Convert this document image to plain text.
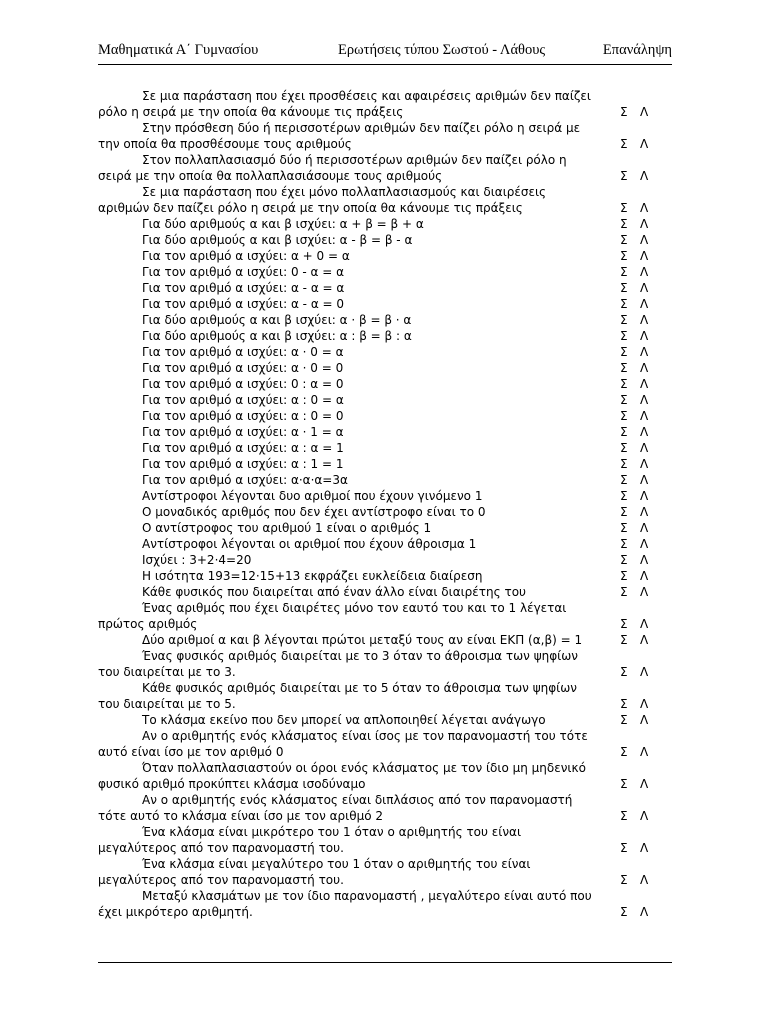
Μαθηματικά Α΄ Γυμνασίου	Ερωτήσεις τύπου Σωστού - Λάθους	Επανάληψη
Σε μια παράσταση που έχει προσθέσεις και αφαιρέσεις αριθμών δεν παίζει
ρόλο η σειρά με την οποία θα κάνουμε τις πράξεις	Σ Λ
Στην πρόσθεση δύο ή περισσοτέρων αριθμών δεν παίζει ρόλο η σειρά με
την οποία θα προσθέσουμε τους αριθμούς	Σ Λ
Στον πολλαπλασιασμό δύο ή περισσοτέρων αριθμών δεν παίζει ρόλο η
σειρά με την οποία θα πολλαπλασιάσουμε τους αριθμούς	Σ Λ
Σε μια παράσταση που έχει μόνο πολλαπλασιασμούς και διαιρέσεις
αριθμών δεν παίζει ρόλο η σειρά με την οποία θα κάνουμε τις πράξεις	Σ Λ
Για δύο αριθμούς α και β ισχύει: α + β = β + α	Σ Λ
Για δύο αριθμούς α και β ισχύει: α - β = β - α	Σ Λ
Για τον αριθμό α ισχύει: α + 0 = α	Σ Λ
Για τον αριθμό α ισχύει: 0 - α = α	Σ Λ
Για τον αριθμό α ισχύει: α - α = α	Σ Λ
Για τον αριθμό α ισχύει: α - α = 0	Σ Λ
Για δύο αριθμούς α και β ισχύει: α · β = β · α	Σ Λ
Για δύο αριθμούς α και β ισχύει: α : β = β : α	Σ Λ
Για τον αριθμό α ισχύει: α · 0 = α	Σ Λ
Για τον αριθμό α ισχύει: α · 0 = 0	Σ Λ
Για τον αριθμό α ισχύει: 0 : α = 0	Σ Λ
Για τον αριθμό α ισχύει: α : 0 = α	Σ Λ
Για τον αριθμό α ισχύει: α : 0 = 0	Σ Λ
Για τον αριθμό α ισχύει: α · 1 = α	Σ Λ
Για τον αριθμό α ισχύει: α : α = 1	Σ Λ
Για τον αριθμό α ισχύει: α : 1 = 1	Σ Λ
Για τον αριθμό α ισχύει: α·α·α=3α	Σ Λ
Αντίστροφοι λέγονται δυο αριθμοί που έχουν γινόμενο 1	Σ Λ
Ο μοναδικός αριθμός που δεν έχει αντίστροφο είναι το 0	Σ Λ
Ο αντίστροφος του αριθμού 1 είναι ο αριθμός 1	Σ Λ
Αντίστροφοι λέγονται οι αριθμοί που έχουν άθροισμα 1	Σ Λ
Ισχύει : 3+2·4=20	Σ Λ
Η ισότητα 193=12·15+13 εκφράζει ευκλείδεια διαίρεση	Σ Λ
Κάθε φυσικός που διαιρείται από έναν άλλο είναι διαιρέτης του	Σ Λ
Ένας αριθμός που έχει διαιρέτες μόνο τον εαυτό του και το 1 λέγεται
πρώτος αριθμός	Σ Λ
Δύο αριθμοί α και β λέγονται πρώτοι μεταξύ τους αν είναι ΕΚΠ (α,β) = 1	Σ Λ
Ένας φυσικός αριθμός διαιρείται με το 3 όταν το άθροισμα των ψηφίων
του διαιρείται με το 3.	Σ Λ
Κάθε φυσικός αριθμός διαιρείται με το 5 όταν το άθροισμα των ψηφίων
του διαιρείται με το 5.	Σ Λ
Το κλάσμα εκείνο που δεν μπορεί να απλοποιηθεί λέγεται ανάγωγο	Σ Λ
Αν ο αριθμητής ενός κλάσματος είναι ίσος με τον παρανομαστή του τότε
αυτό είναι ίσο με τον αριθμό 0	Σ Λ
Όταν πολλαπλασιαστούν οι όροι ενός κλάσματος με τον ίδιο μη μηδενικό
φυσικό αριθμό προκύπτει κλάσμα ισοδύναμο	Σ Λ
Αν ο αριθμητής ενός κλάσματος είναι διπλάσιος από τον παρανομαστή
τότε αυτό το κλάσμα είναι ίσο με τον αριθμό 2	Σ Λ
Ένα κλάσμα είναι μικρότερο του 1 όταν ο αριθμητής του είναι
μεγαλύτερος από τον παρανομαστή του.	Σ Λ
Ένα κλάσμα είναι μεγαλύτερο του 1 όταν ο αριθμητής του είναι
μεγαλύτερος από τον παρανομαστή του.	Σ Λ
Μεταξύ κλασμάτων με τον ίδιο παρανομαστή , μεγαλύτερο είναι αυτό που
έχει μικρότερο αριθμητή.	Σ Λ
